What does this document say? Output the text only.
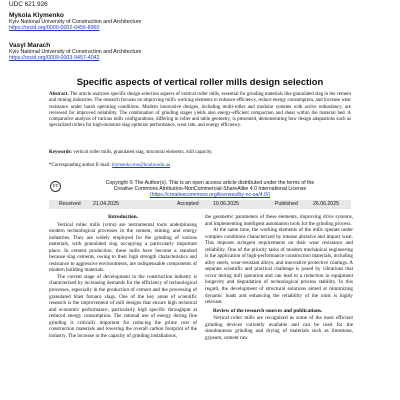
UDC 621.926
Mykola Klymenko
Kyiv National University of Construction and Architecture
https://orcid.org/0000-0002-6456-8960
Vasyl Marach
Kyiv National University of Construction and Architecture
https://orcid.org/0009-0003-9457-4042
Specific aspects of vertical roller mills design selection
Abstract. The article analyzes specific design selection aspects of vertical roller mills, essential for grinding materials like granulated slag in the cement and mining industries. The research focuses on improving mill's working elements to enhance efficiency, reduce energy consumption, and increase wear resistance under harsh operating conditions. Modern innovative designs, including multi-roller and modular systems with active redundancy, are reviewed for improved reliability. The combination of grinding stages yields also energy-efficient compaction and shear within the material bed. A comparative analysis of various mills configurations, differing in roller and table geometry, is presented, demonstrating how design adaptations such as specialized rollers for high-moisture slag optimize performance, wear rate, and energy efficiency.
Keywords: vertical roller mills, granulated slag, structural elements, mill capacity.
*Corresponding author E-mail: klymenko.mo@knuba.edu.ua
cc	Copyright © The Author(s). This is an open access article distributed under the terms of the
Creative Commons Attribution-NonCommercial-ShareAlike 4.0 International License
(https://creativecommons.org/licenses/by-nc-sa/4.0/)
Received 21.04.2025	Accepted	10.06.2025	Published	26.06.2025
Introduction.

Vertical roller mills (vrms) are instrumental tools underpinning modern technological processes in the cement, mining, and energy industries. They are widely employed for the grinding of various materials, with granulated slag occupying a particularly important place. In cement production, these mills have become a standard because slag cements, owing to their high strength characteristics and resistance to aggressive environments, are indispensable components of modern building materials.

The current stage of development in the construction industry is characterized by increasing demands for the efficiency of technological processes, especially in the production of cement and the processing of granulated blast furnace slags. One of the key areas of scientific research is the improvement of mill designs that ensure high technical and economic performance, particularly high specific throughput at reduced energy consumption. The rational use of energy during fine grinding is critically important for reducing the prime cost of construction materials and lowering the overall carbon footprint of the industry. The increase in the capacity of grinding installations,

the geometric parameters of these elements, improving drive systems, and implementing intelligent automation tools for the grinding process.

At the same time, the working elements of the mills operate under complex conditions characterized by intense abrasive and impact wear. This imposes stringent requirements on their wear resistance and reliability. One of the priority tasks of modern mechanical engineering is the application of high-performance construction materials, including alloy steels, wear-resistant alloys, and innovative protective coatings. A separate scientific and practical challenge is posed by vibrations that occur during mill operation and can lead to a reduction in equipment longevity and degradation of technological process stability. In this regard, the development of structural solutions aimed at minimizing dynamic loads and enhancing the reliability of the units is highly relevant.

Review of the research sources and publications.

Vertical roller mills are recognized as some of the most efficient grinding devices currently available and can be used for the simultaneous grinding and drying of materials such as limestone, gypsum, cement raw
